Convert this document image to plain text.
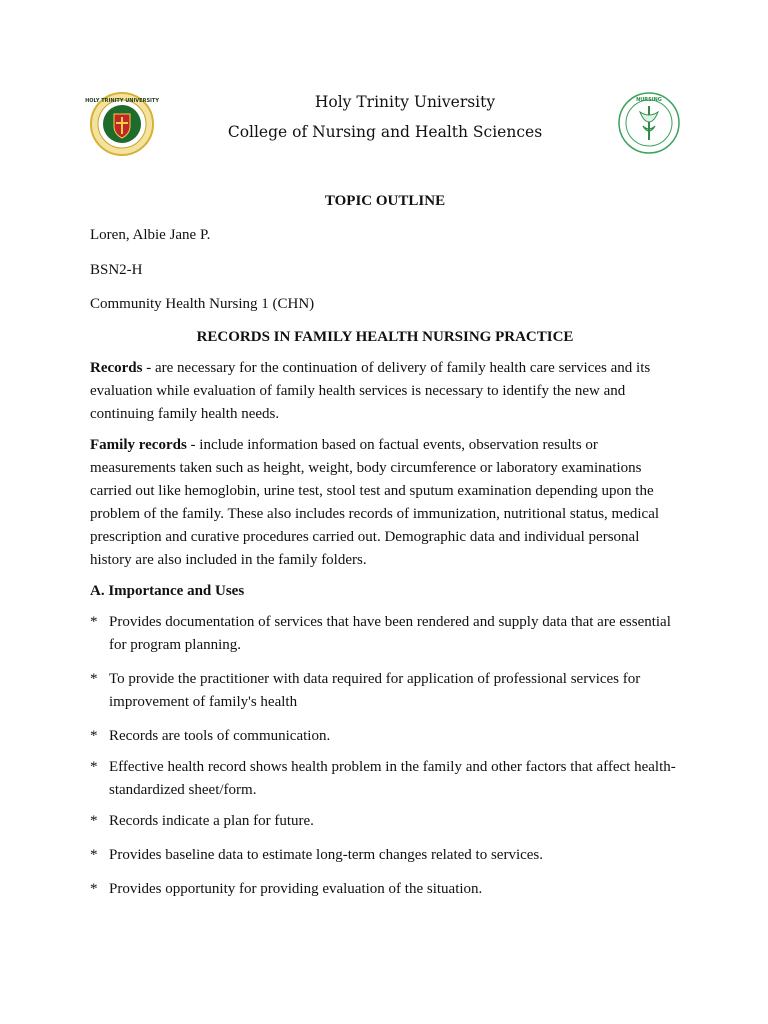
HOLY TRINITY UNIVERSITY	Holy Trinity University
College of Nursing and Health Sciences
NURSING

TOPIC OUTLINE

Loren, Albie Jane P.

BSN2-H

Community Health Nursing 1 (CHN)

RECORDS IN FAMILY HEALTH NURSING PRACTICE

Records - are necessary for the continuation of delivery of family health care services and its evaluation while evaluation of family health services is necessary to identify the new and continuing family health needs.

Family records - include information based on factual events, observation results or measurements taken such as height, weight, body circumference or laboratory examinations carried out like hemoglobin, urine test, stool test and sputum examination depending upon the problem of the family. These also includes records of immunization, nutritional status, medical prescription and curative procedures carried out. Demographic data and individual personal history are also included in the family folders.

A. Importance and Uses

* Provides documentation of services that have been rendered and supply data that are essential for program planning.
* To provide the practitioner with data required for application of professional services for improvement of family's health
* Records are tools of communication.
* Effective health record shows health problem in the family and other factors that affect health-standardized sheet/form.
* Records indicate a plan for future.
* Provides baseline data to estimate long-term changes related to services.
* Provides opportunity for providing evaluation of the situation.
